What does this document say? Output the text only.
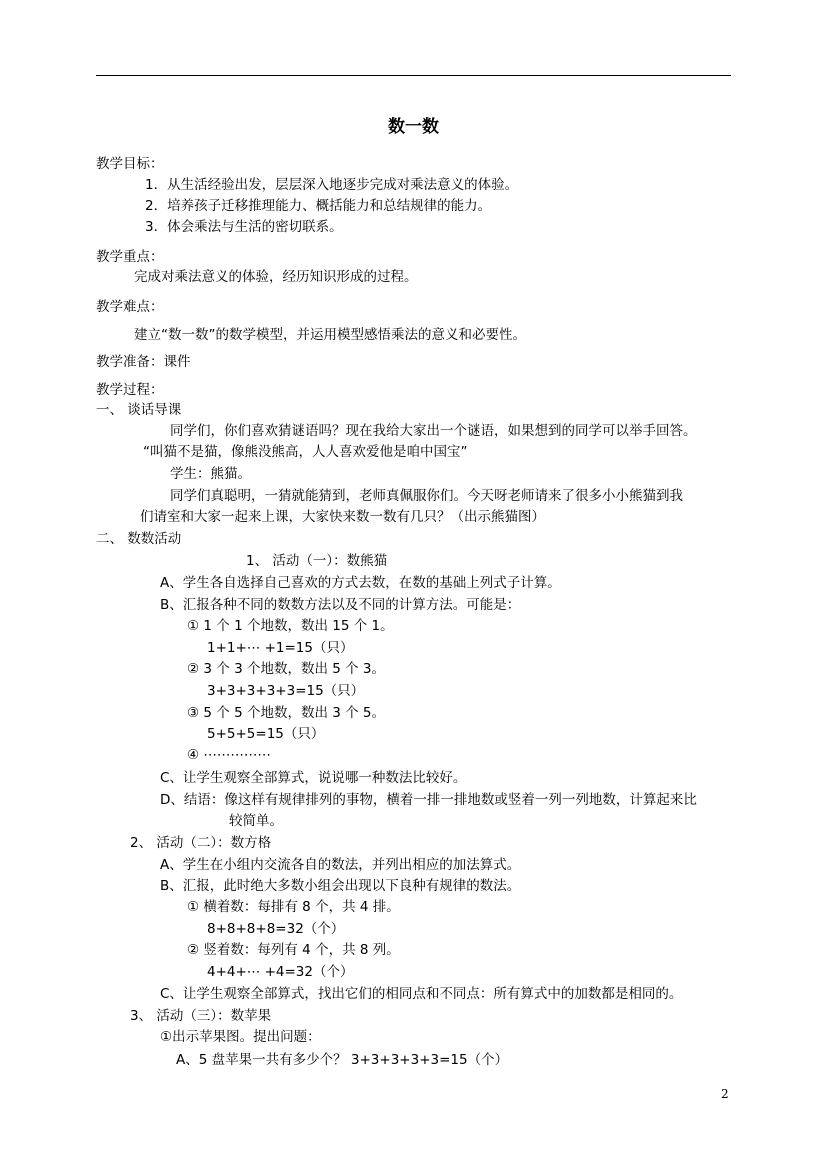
数一数
教学目标：
1．从生活经验出发，层层深入地逐步完成对乘法意义的体验。
2．培养孩子迁移推理能力、概括能力和总结规律的能力。
3．体会乘法与生活的密切联系。
教学重点：
完成对乘法意义的体验，经历知识形成的过程。
教学难点：
建立“数一数”的数学模型，并运用模型感悟乘法的意义和必要性。
教学准备：课件
教学过程：
一、 谈话导课
同学们，你们喜欢猜谜语吗？现在我给大家出一个谜语，如果想到的同学可以举手回答。
“叫猫不是猫，像熊没熊高，人人喜欢爱他是咱中国宝”
学生：熊猫。
同学们真聪明，一猜就能猜到，老师真佩服你们。今天呀老师请来了很多小小熊猫到我
们请室和大家一起来上课，大家快来数一数有几只？（出示熊猫图）
二、 数数活动
1、 活动（一）：数熊猫
A、学生各自选择自己喜欢的方式去数，在数的基础上列式子计算。
B、汇报各种不同的数数方法以及不同的计算方法。可能是：
① 1 个 1 个地数，数出 15 个 1。
1+1+⋯ +1=15（只）
② 3 个 3 个地数，数出 5 个 3。
3+3+3+3+3=15（只）
③ 5 个 5 个地数，数出 3 个 5。
5+5+5=15（只）
④ ⋯⋯⋯⋯⋯
C、让学生观察全部算式，说说哪一种数法比较好。
D、结语：像这样有规律排列的事物，横着一排一排地数或竖着一列一列地数，计算起来比
较简单。
2、 活动（二）：数方格
A、学生在小组内交流各自的数法，并列出相应的加法算式。
B、汇报，此时绝大多数小组会出现以下良种有规律的数法。
① 横着数：每排有 8 个，共 4 排。
8+8+8+8=32（个）
② 竖着数：每列有 4 个，共 8 列。
4+4+⋯ +4=32（个）
C、让学生观察全部算式，找出它们的相同点和不同点：所有算式中的加数都是相同的。
3、 活动（三）：数苹果
①出示苹果图。提出问题：
A、5 盘苹果一共有多少个？ 3+3+3+3+3=15（个）
2
